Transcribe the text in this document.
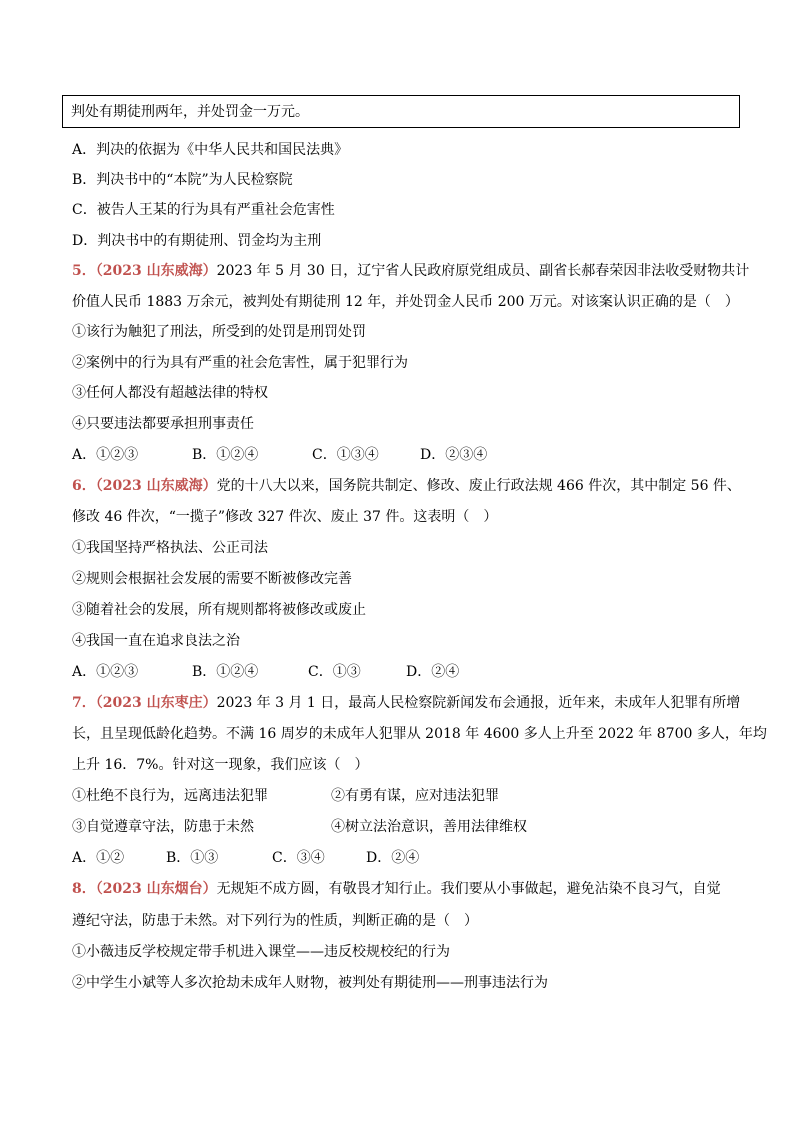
判处有期徒刑两年，并处罚金一万元。
A．判决的依据为《中华人民共和国民法典》
B．判决书中的“本院”为人民检察院
C．被告人王某的行为具有严重社会危害性
D．判决书中的有期徒刑、罚金均为主刑
5．（2023 山东威海）2023 年 5 月 30 日，辽宁省人民政府原党组成员、副省长郝春荣因非法收受财物共计
价值人民币 1883 万余元，被判处有期徒刑 12 年，并处罚金人民币 200 万元。对该案认识正确的是（　）
①该行为触犯了刑法，所受到的处罚是刑罚处罚
②案例中的行为具有严重的社会危害性，属于犯罪行为
③任何人都没有超越法律的特权
④只要违法都要承担刑事责任
A．①②③	B．①②④	C．①③④	D．②③④
6．（2023 山东威海）党的十八大以来，国务院共制定、修改、废止行政法规 466 件次，其中制定 56 件、
修改 46 件次，“一揽子”修改 327 件次、废止 37 件。这表明（　）
①我国坚持严格执法、公正司法
②规则会根据社会发展的需要不断被修改完善
③随着社会的发展，所有规则都将被修改或废止
④我国一直在追求良法之治
A．①②③	B．①②④	C．①③	D．②④
7．（2023 山东枣庄）2023 年 3 月 1 日，最高人民检察院新闻发布会通报，近年来，未成年人犯罪有所增
长，且呈现低龄化趋势。不满 16 周岁的未成年人犯罪从 2018 年 4600 多人上升至 2022 年 8700 多人，年均
上升 16．7%。针对这一现象，我们应该（　）
①杜绝不良行为，远离违法犯罪	②有勇有谋，应对违法犯罪
③自觉遵章守法，防患于未然	④树立法治意识，善用法律维权
A．①②	B．①③	C．③④	D．②④
8．（2023 山东烟台）无规矩不成方圆，有敬畏才知行止。我们要从小事做起，避免沾染不良习气，自觉
遵纪守法，防患于未然。对下列行为的性质，判断正确的是（　）
①小薇违反学校规定带手机进入课堂——违反校规校纪的行为
②中学生小斌等人多次抢劫未成年人财物，被判处有期徒刑——刑事违法行为
